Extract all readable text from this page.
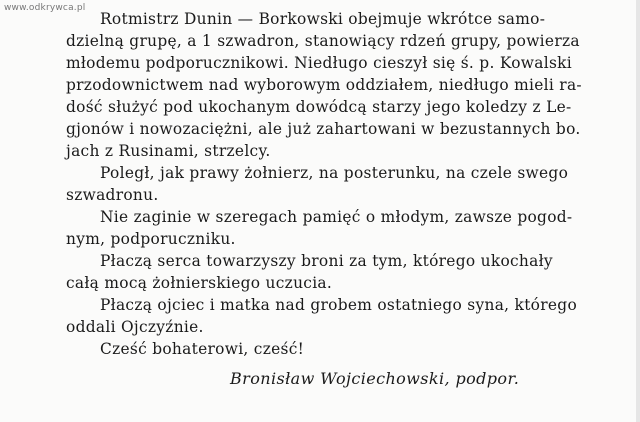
www.odkrywca.pl

Rotmistrz Dunin — Borkowski obejmuje wkrótce samo-
dzielną grupę, a 1 szwadron, stanowiący rdzeń grupy, powierza
młodemu podporucznikowi. Niedługo cieszył się ś. p. Kowalski
przodownictwem nad wyborowym oddziałem, niedługo mieli ra-
dość służyć pod ukochanym dowódcą starzy jego koledzy z Le-
gjonów i nowozaciężni, ale już zahartowani w bezustannych bo.
jach z Rusinami, strzelcy.

Poległ, jak prawy żołnierz, na posterunku, na czele swego
szwadronu.

Nie zaginie w szeregach pamięć o młodym, zawsze pogod-
nym, podporuczniku.

Płaczą serca towarzyszy broni za tym, którego ukochały
całą mocą żołnierskiego uczucia.

Płaczą ojciec i matka nad grobem ostatniego syna, którego
oddali Ojczyźnie.

Cześć bohaterowi, cześć!

Bronisław Wojciechowski, podpor.
